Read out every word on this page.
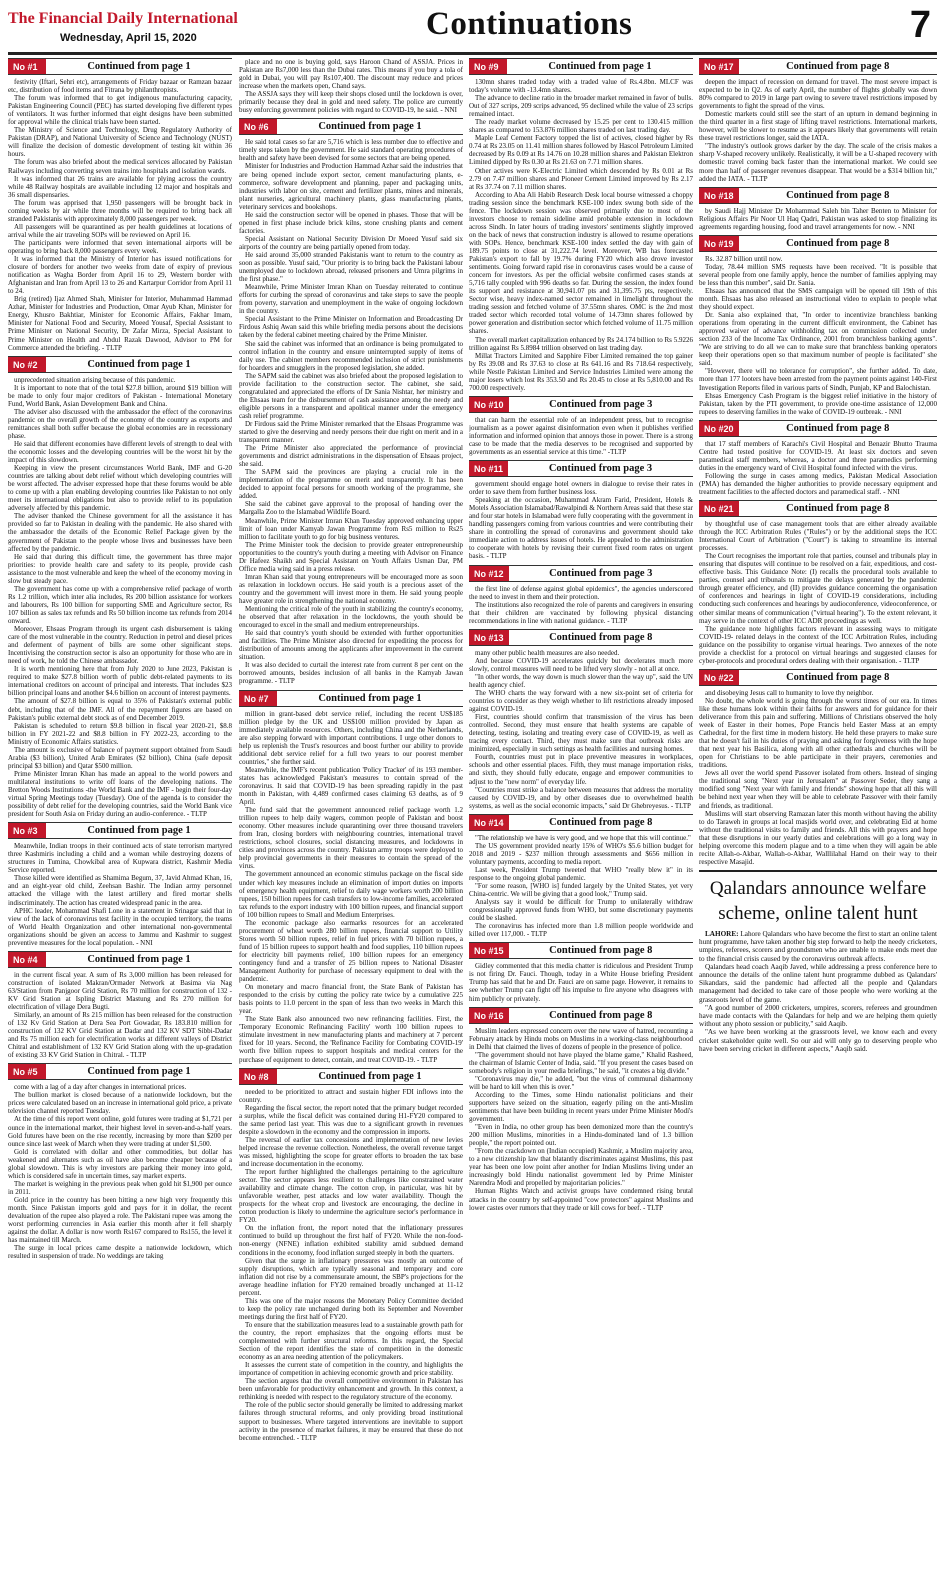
The Financial Daily International
Wednesday, April 15, 2020	Continuations	7
No #1	Continued from page 1

festivity (Iftari, Sehri etc), arrangements of Friday bazaar or Ramzan bazaar etc, distribution of food items and Fitrana by philanthropists.

The forum was informed that to get indigenous manufacturing capacity, Pakistan Engineering Council (PEC) has started developing five different types of ventilators. It was further informed that eight designs have been submitted for approval while the clinical trials have been started.

The Ministry of Science and Technology, Drug Regulatory Authority of Pakistan (DRAP), and National University of Science and Technology (NUST) will finalize the decision of domestic development of testing kit within 36 hours.

The forum was also briefed about the medical services allocated by Pakistan Railways including converting seven trains into hospitals and isolation wards.

It was informed that 26 trains are available for plying across the country while 48 Railway hospitals are available including 12 major and hospitals and 36 small dispensaries.

The forum was apprised that 1,950 passengers will be brought back in coming weeks by air while three months will be required to bring back all stranded Pakistanis with approximately 8,000 passengers per week.

All passengers will be quarantined as per health guidelines at locations of arrival while the air traveling SOPs will be reviewed on April 16.

The participants were informed that seven international airports will be operating to bring back 8,000 passengers every week.

It was informed that the Ministry of Interior has issued notifications for closure of borders for another two weeks from date of expiry of previous notification as Wagha Border from April 16 to 29, Western border with Afghanistan and Iran from April 13 to 26 and Kartarpur Corridor from April 11 to 24.

Brig (retired) Ijaz Ahmed Shah, Minister for Interior, Muhammad Hammad Azhar, Minister for Industries and Production, Omar Ayub Khan, Minister for Energy, Khusro Bakhtiar, Minister for Economic Affairs, Fakhar Imam, Minister for National Food and Security, Moeed Yousaf, Special Assistant to Prime Minister on National Security, Dr Zafar Mirza, Special Assistant to Prime Minister on Health and Abdul Razak Dawood, Advisor to PM for Commerce attended the briefing. - TLTP

No #2	Continued from page 1

unprecedented situation arising because of this pandemic.

It is important to note that of the total $27.8 billion, around $19 billion will be made to only four major creditors of Pakistan - International Monetary Fund, World Bank, Asian Development Bank and China.

The adviser also discussed with the ambassador the effect of the coronavirus pandemic on the overall growth of the economy of the country as exports and remittances shall both suffer because the global economies are in recessionary phase.

He said that different economies have different levels of strength to deal with the economic losses and the developing countries will be the worst hit by the impact of this slowdown.

Keeping in view the present circumstances World Bank, IMF and G-20 countries are talking about debt relief without which developing countries will be worst affected. The adviser expressed hope that these forums would be able to come up with a plan enabling developing countries like Pakistan to not only meet its international obligations but also to provide relief to its population adversely affected by this pandemic.

The adviser thanked the Chinese government for all the assistance it has provided so far to Pakistan in dealing with the pandemic. He also shared with the ambassador the details of the Economic Relief Package given by the government of Pakistan to the people whose lives and businesses have been affected by the pandemic.

He said that during this difficult time, the government has three major priorities: to provide health care and safety to its people, provide cash assistance to the most vulnerable and keep the wheel of the economy moving in slow but steady pace.

The government has come up with a comprehensive relief package of worth Rs 1.2 trillion, which inter alia includes, Rs 200 billion assistance for workers and labourers, Rs 100 billion for supporting SME and Agriculture sector, Rs 107 billion as sales tax refunds and Rs 50 billion income tax refunds from 2014 onward.

Moreover, Ehsaas Program through its urgent cash disbursement is taking care of the most vulnerable in the country. Reduction in petrol and diesel prices and deferment of payment of bills are some other significant steps. Incentivising the construction sector is also an opportunity for those who are in need of work, he told the Chinese ambassador.

It is worth mentioning here that from July 2020 to June 2023, Pakistan is required to make $27.8 billion worth of public debt-related payments to its international creditors on account of principal and interests. That includes $23 billion principal loans and another $4.6 billion on account of interest payments.

The amount of $27.8 billion is equal to 35% of Pakistan's external public debt, including that of the IMF. All of the repayment figures are based on Pakistan's public external debt stock as of end December 2019.

Pakistan is scheduled to return $9.8 billion in fiscal year 2020-21, $8.8 billion in FY 2021-22 and $8.8 billion in FY 2022-23, according to the Ministry of Economic Affairs statistics.

The amount is exclusive of balance of payment support obtained from Saudi Arabia ($3 billion), United Arab Emirates ($2 billion), China (safe deposit principal $3 billion) and Qatar $500 million.

Prime Minister Imran Khan has made an appeal to the world powers and multilateral institutions to write off loans of the developing nations. The Bretton Woods Institutions -the World Bank and the IMF - begin their four-day virtual Spring Meetings today (Tuesday). One of the agenda is to consider the possibility of debt relief for the developing countries, said the World Bank vice president for South Asia on Friday during an audio-conference. - TLTP

No #3	Continued from page 1

Meanwhile, Indian troops in their continued acts of state terrorism martyred three Kashmiris including a child and a woman while destroying dozens of structures in Tumina, Chowkibal area of Kupwara district, Kashmir Media Service reported.

Those killed were identified as Shamima Begum, 37, Javid Ahmad Khan, 16, and an eight-year old child, Zeehsan Bashir. The Indian army personnel attacked the village with the latest artillery and fired mortar shells indiscriminately. The action has created widespread panic in the area.

APHC leader, Mohammad Shafi Lone in a statement in Srinagar said that in view of the lack of coronavirus test facility in the occupied territory, the teams of World Health Organization and other international non-governmental organizations should be given an access to Jammu and Kashmir to suggest preventive measures for the local population. - NNI

No #4	Continued from page 1

in the current fiscal year. A sum of Rs 3,000 million has been released for construction of isolated Makran/Ormader Network at Basima via Nag 63/Station from Panjgoor Grid Station, Rs 70 million for construction of 132 -KV Grid Station at Ispling District Mastung and Rs 270 million for electrification of village Dera Bugti.

Similarly, an amount of Rs 215 million has been released for the construction of 132 Kv Grid Station at Dera Sea Port Gowadar, Rs 183.810 million for construction of 132 KV Grid Station at Dadar and 132 KV SDT Sibbi-Dadar and Rs 75 million each for electrification works at different valleys of District Chitral and establishment of 132 KV Grid Station along with the up-gradation of existing 33 KV Grid Station in Chitral. - TLTP

No #5	Continued from page 1

come with a lag of a day after changes in international prices.

The bullion market is closed because of a nationwide lockdown, but the prices were calculated based on an increase in international gold price, a private television channel reported Tuesday.

At the time of this report went online, gold futures were trading at $1,721 per ounce in the international market, their highest level in seven-and-a-half years. Gold futures have been on the rise recently, increasing by more than $200 per ounce since last week of March when they were trading at under $1,500.

Gold is correlated with dollar and other commodities, but dollar has weakened and alternates such as oil have also become cheaper because of a global slowdown. This is why investors are parking their money into gold, which is considered safe in uncertain times, say market experts.

The market is weighing in the previous peak when gold hit $1,900 per ounce in 2011.

Gold price in the country has been hitting a new high very frequently this month. Since Pakistan imports gold and pays for it in dollar, the recent devaluation of the rupee also played a role. The Pakistani rupee was among the worst performing currencies in Asia earlier this month after it fell sharply against the dollar. A dollar is now worth Rs167 compared to Rs155, the level it has maintained till March.

The surge in local prices came despite a nationwide lockdown, which resulted in suspension of trade. No weddings are taking

place and no one is buying gold, says Haroon Chand of ASSJA. Prices in Pakistan are Rs7,000 less than the Dubai rates. This means if you buy a tola of gold in Dubai, you will pay Rs107,400. The discount may reduce and prices increase when the markets open, Chand says.

The ASSJA says they will keep their shops closed until the lockdown is over, primarily because they deal in gold and need safety. The police are currently busy enforcing government policies with regard to COVID-19, he said. - NNI

No #6	Continued from page 1

He said total cases so far are 5,716 which is less number due to effective and timely steps taken by the government. He said standard operating procedures of health and safety have been devised for some sectors that are being opened.

Minister for Industries and Production Hammad Azhar said the industries that are being opened include export sector, cement manufacturing plants, e-commerce, software development and planning, paper and packaging units, industries with labor on site, cement and fertilizer plants, mines and minerals, plant nurseries, agricultural machinery plants, glass manufacturing plants, veterinary services and bookshops.

He said the construction sector will be opened in phases. Those that will be opened in first phase include brick kilns, stone crushing plants and cement factories.

Special Assistant on National Security Division Dr Moeed Yusuf said six airports of the country are being partially opened from today.

He said around 35,000 stranded Pakistanis want to return to the country as soon as possible. Yusuf said, "Our priority is to bring back the Pakistani labour unemployed due to lockdown abroad, released prisoners and Umra pilgrims in the first phase."

Meanwhile, Prime Minister Imran Khan on Tuesday reiterated to continue efforts for curbing the spread of coronavirus and take steps to save the people from poverty, starvation and unemployment in the wake of ongoing lockdown in the country.

Special Assistant to the Prime Minister on Information and Broadcasting Dr Firdous Ashiq Awan said this while briefing media persons about the decisions taken by the federal cabinet meeting chaired by the Prime Minister.

She said the cabinet was informed that an ordinance is being promulgated to control inflation in the country and ensure uninterrupted supply of items of daily use. The cabinet members recommended inclusion of strict punishments for hoarders and smugglers in the proposed legislation, she added.

The SAPM said the cabinet was also briefed about the proposed legislation to provide facilitation to the construction sector. The cabinet, she said, congratulated and appreciated the efforts of Dr Sania Nishtar, her ministry and the Ehsaas team for the disbursement of cash assistance among the needy and eligible persons in a transparent and apolitical manner under the emergency cash relief programme.

Dr Firdous said the Prime Minister remarked that the Ehsaas Programme was started to give the deserving and needy persons their due right on merit and in a transparent manner.

The Prime Minister also appreciated the performance of provincial governments and district administrations in the dispensation of Ehsaas project, she said.

The SAPM said the provinces are playing a crucial role in the implementation of the programme on merit and transparently. It has been decided to appoint focal persons for smooth working of the programme, she added.

She said the cabinet gave approval to the proposal of handing over the Margalla Zoo to the Islamabad Wildlife Board.

Meanwhile, Prime Minister Imran Khan Tuesday approved enhancing upper limit of loan under Kamyab Jawan Programme from Rs5 million to Rs25 million to facilitate youth to go for big business ventures.

The Prime Minister took the decision to provide greater entrepreneurship opportunities to the country's youth during a meeting with Advisor on Finance Dr Hafeez Shaikh and Special Assistant on Youth Affairs Usman Dar, PM Office media wing said in a press release.

Imran Khan said that young entrepreneurs will be encouraged more as soon as relaxation in lockdown occurs. He said youth is a precious asset of the country and the government will invest more in them. He said young people have greater role in strengthening the national economy.

Mentioning the critical role of the youth in stabilizing the country's economy, he observed that after relaxation in the lockdowns, the youth should be encouraged to excel in the small and medium entrepreneurships.

He said that country's youth should be extended with further opportunities and facilities. The Prime Minister also directed for expediting the process for distribution of amounts among the applicants after improvement in the current situation.

It was also decided to curtail the interest rate from current 8 per cent on the borrowed amounts, besides inclusion of all banks in the Kamyab Jawan programme. - TLTP

No #7	Continued from page 1

million in grant-based debt service relief, including the recent US$185 million pledge by the UK and US$100 million provided by Japan as immediately available resources. Others, including China and the Netherlands, are also stepping forward with important contributions. I urge other donors to help us replenish the Trust's resources and boost further our ability to provide additional debt service relief for a full two years to our poorest member countries," she further said.

Meanwhile, the IMF's recent publication 'Policy Tracker' of its 193 member-states has acknowledged Pakistan's measures to contain spread of the coronavirus. It said that COVID-19 has been spreading rapidly in the past month in Pakistan, with 4,489 confirmed cases claiming 63 deaths, as of 9 April.

The fund said that the government announced relief package worth 1.2 trillion rupees to help daily wagers, common people of Pakistan and boost economy. Other measures include quarantining over three thousand travelers from Iran, closing borders with neighbouring countries, international travel restrictions, school closures, social distancing measures, and lockdowns in cities and provinces across the country. Pakistan army troops were deployed to help provincial governments in their measures to contain the spread of the virus.

The government announced an economic stimulus package on the fiscal side under which key measures include an elimination of import duties on imports of emergency health equipment, relief to daily wage workers worth 200 billion rupees, 150 billion rupees for cash transfers to low-income families, accelerated tax refunds to the export industry with 100 billion rupees, and financial support of 100 billion rupees to Small and Medium Enterprises.

The economic package also earmarks resources for an accelerated procurement of wheat worth 280 billion rupees, financial support to Utility Stores worth 50 billion rupees, relief in fuel prices with 70 billion rupees, a fund of 15 billion rupees to support health and food supplies, 110 billion rupees for electricity bill payments relief, 100 billion rupees for an emergency contingency fund and a transfer of 25 billion rupees to National Disaster Management Authority for purchase of necessary equipment to deal with the pandemic.

On monetary and macro financial front, the State Bank of Pakistan has responded to the crisis by cutting the policy rate twice by a cumulative 225 basis points to 11.0 percent in the span of less than two weeks in March this year.

The State Bank also announced two new refinancing facilities. First, the 'Temporary Economic Refinancing Facility' worth 100 billion rupees to stimulate investment in new manufacturing plants and machinery at 7 percent fixed for 10 years. Second, the 'Refinance Facility for Combating COVID-19' worth five billion rupees to support hospitals and medical centers for the purchase of equipment to detect, contain, and treat COVID-19. - TLTP

No #8	Continued from page 1

needed to be prioritized to attract and sustain higher FDI inflows into the country.

Regarding the fiscal sector, the report noted that the primary budget recorded a surplus, while the fiscal deficit was contained during H1-FY20 compared to the same period last year. This was due to a significant growth in revenues despite a slowdown in the economy and the compression in imports.

The reversal of earlier tax concessions and implementation of new levies helped increase the revenue collection. Nonetheless, the overall revenue target was missed, highlighting the scope for greater efforts to broaden the tax base and increase documentation in the economy.

The report further highlighted the challenges pertaining to the agriculture sector. The sector appears less resilient to challenges like constrained water availability and climate change. The cotton crop, in particular, was hit by unfavorable weather, pest attacks and low water availability. Though the prospects for the wheat crop and livestock are encouraging, the decline in cotton production is likely to undermine the agriculture sector's performance in FY20.

On the inflation front, the report noted that the inflationary pressures continued to build up throughout the first half of FY20. While the non-food-non-energy (NFNE) inflation exhibited stability amid subdued demand conditions in the economy, food inflation surged steeply in both the quarters.

Given that the surge in inflationary pressures was mostly an outcome of supply disruptions, which are typically seasonal and temporary and core inflation did not rise by a commensurate amount, the SBP's projections for the average headline inflation for FY20 remained broadly unchanged at 11-12 percent.

This was one of the major reasons the Monetary Policy Committee decided to keep the policy rate unchanged during both its September and November meetings during the first half of FY20.

To ensure that the stabilization measures lead to a sustainable growth path for the country, the report emphasizes that the ongoing efforts must be complemented with further structural reforms. In this regard, the Special Section of the report identifies the state of competition in the domestic economy as an area needing attention of the policymakers.

It assesses the current state of competition in the country, and highlights the importance of competition in achieving economic growth and price stability.

The section argues that the overall competitive environment in Pakistan has been unfavorable for productivity enhancement and growth. In this context, a rethinking is needed with respect to the regulatory structure of the economy.

The role of the public sector should generally be limited to addressing market failures through structural reforms, and only providing broad institutional support to businesses. Where targeted interventions are inevitable to support activity in the presence of market failures, it may be ensured that these do not become entrenched. - TLTP

No #9	Continued from page 1

130mn shares traded today with a traded value of Rs.4.8bn. MLCF was today's volume with -13.4mn shares.

The advance to decline ratio in the broader market remained in favor of bulls. Out of 327 scrips, 209 scrips advanced, 95 declined while the value of 23 scrips remained intact.

The ready market volume decreased by 15.25 per cent to 130.415 million shares as compared to 153.876 million shares traded on last trading day.

Maple Leaf Cement Factory topped the list of actives, closed higher by Rs 0.74 at Rs 23.05 on 11.41 million shares followed by Hascol Petroleum Limited decreased by Rs 0.09 at Rs 14.76 on 10.28 million shares and Pakistan Elektron Limited dipped by Rs 0.30 at Rs 21.63 on 7.71 million shares.

Other actives were K-Electric Limited which descended by Rs 0.01 at Rs 2.79 on 7.47 million shares and Pioneer Cement Limited improved by Rs 2.17 at Rs 37.74 on 7.11 million shares.

According to Aba Ali Habib Research Desk local bourse witnessed a choppy trading session since the benchmark KSE-100 index swung both side of the fence. The lockdown session was observed primarily due to most of the investors choose to remain sideline amid probable extension in lockdown across Sindh. In later hours of trading investors' sentiments slightly improved on the back of news that construction industry is allowed to resume operations with SOPs. Hence, benchmark KSE-100 index settled the day with gain of 189.75 points to close at 31,222.74 level. Moreover, WB has forecasted Pakistan's export to fall by 19.7% during FY20 which also drove investor sentiments. Going forward rapid rise in coronavirus cases would be a cause of concern for investors. As per the official website confirmed cases stands at 5,716 tally coupled with 996 deaths so far. During the session, the index found its support and resistance at 30,941.07 pts and 31,395.75 pts, respectively. Sector wise, heavy index-named sector remained in limelight throughout the trading session and fetched volume of 37.55mn shares. OMC is the 2nd most traded sector which recorded total volume of 14.73mn shares followed by power generation and distribution sector which fetched volume of 11.75 million shares.

The overall market capitalization enhanced by Rs 24.174 billion to Rs 5.9226 trillion against Rs 5.8984 trillion observed on last trading day.

Millat Tractors Limited and Sapphire Fiber Limited remained the top gainer by Rs 39.08 and Rs 37.63 to close at Rs 641.16 and Rs 718.64 respectively, while Nestle Pakistan Limited and Service Industries Limited were among the major losers which lost Rs 353.50 and Rs 20.45 to close at Rs 5,810.00 and Rs 700.00 respectively.

No #10	Continued from page 3

that can harm the essential role of an independent press, but to recognise journalism as a power against disinformation even when it publishes verified information and informed opinion that annoys those in power. There is a strong case to be made that the media deserves to be recognised and supported by governments as an essential service at this time." -TLTP

No #11	Continued from page 3

government should engage hotel owners in dialogue to revise their rates in order to save them from further business loss.

Speaking at the occasion, Muhammad Akram Farid, President, Hotels & Motels Association Islamabad/Rawalpindi & Northern Areas said that these star and four star hotels in Islamabad were fully cooperating with the government in handling passengers coming from various countries and were contributing their share in controlling the spread of coronavirus and government should take immediate action to address issues of hotels. He appealed to the administration to cooperate with hotels by revising their current fixed room rates on urgent basis. - TLTP

No #12	Continued from page 3

the first line of defense against global epidemics", the agencies underscored the need to invest in them and their protection.

The institutions also recognized the role of parents and caregivers in ensuring that their children are vaccinated by following physical distancing recommendations in line with national guidance. - TLTP

No #13	Continued from page 8

many other public health measures are also needed.

And because COVID-19 accelerates quickly but decelerates much more slowly, control measures will need to be lifted very slowly - not all at once.

"In other words, the way down is much slower than the way up", said the UN health agency chief.

The WHO charts the way forward with a new six-point set of criteria for countries to consider as they weigh whether to lift restrictions already imposed against COVID-19.

First, countries should confirm that transmission of the virus has been controlled. Second, they must ensure that health systems are capable of detecting, testing, isolating and treating every case of COVID-19, as well as tracing every contact. Third, they must make sure that outbreak risks are minimized, especially in such settings as health facilities and nursing homes.

Fourth, countries must put in place preventive measures in workplaces, schools and other essential places. Fifth, they must manage importation risks, and sixth, they should fully educate, engage and empower communities to adjust to the "new norm" of everyday life.

"Countries must strike a balance between measures that address the mortality caused by COVID-19, and by other diseases due to overwhelmed health systems, as well as the social economic impacts," said Dr Ghebreyesus. - TLTP

No #14	Continued from page 8

"The relationship we have is very good, and we hope that this will continue."

The US government provided nearly 15% of WHO's $5.6 billion budget for 2018 and 2019 - $237 million through assessments and $656 million in voluntary payments, according to media report.

Last week, President Trump tweeted that WHO "really blew it" in its response to the ongoing global pandemic.

"For some reason, [WHO is] funded largely by the United States, yet very China-centric. We will be giving that a good look," Trump said.

Analysts say it would be difficult for Trump to unilaterally withdraw congressionally approved funds from WHO, but some discretionary payments could be slashed.

The coronavirus has infected more than 1.8 million people worldwide and killed over 117,000. - TLTP

No #15	Continued from page 8

Gidley commented that this media chatter is ridiculous and President Trump is not firing Dr. Fauci. Though, today in a White House briefing President Trump has said that he and Dr. Fauci are on same page. However, it remains to see whether Trump can fight off his impulse to fire anyone who disagrees with him publicly or privately.

No #16	Continued from page 8

Muslim leaders expressed concern over the new wave of hatred, recounting a February attack by Hindu mobs on Muslims in a working-class neighbourhood in Delhi that claimed the lives of dozens of people in the presence of police.

"The government should not have played the blame game," Khalid Rasheed, the chairman of Islamic Center of India, said. "If you present the cases based on somebody's religion in your media briefings," he said, "it creates a big divide."

"Coronavirus may die," he added, "but the virus of communal disharmony will be hard to kill when this is over."

According to the Times, some Hindu nationalist politicians and their supporters have seized on the situation, eagerly piling on the anti-Muslim sentiments that have been building in recent years under Prime Minister Modi's government.

"Even in India, no other group has been demonized more than the country's 200 million Muslims, minorities in a Hindu-dominated land of 1.3 billion people," the report pointed out.

"From the crackdown on (Indian occupied) Kashmir, a Muslim majority area, to a new citizenship law that blatantly discriminates against Muslims, this past year has been one low point after another for Indian Muslims living under an increasingly bold Hindu nationalist government led by Prime Minister Narendra Modi and propelled by majoritarian policies."

Human Rights Watch and activist groups have condemned rising brutal attacks in the country by self-appointed "cow protectors" against Muslims and lower castes over rumors that they trade or kill cows for beef. - TLTP

No #17	Continued from page 8

deepen the impact of recession on demand for travel. The most severe impact is expected to be in Q2. As of early April, the number of flights globally was down 80% compared to 2019 in large part owing to severe travel restrictions imposed by governments to fight the spread of the virus.

Domestic markets could still see the start of an upturn in demand beginning in the third quarter in a first stage of lifting travel restrictions. International markets, however, will be slower to resume as it appears likely that governments will retain these travel restrictions longer, said the IATA.

"The industry's outlook grows darker by the day. The scale of the crisis makes a sharp V-shaped recovery unlikely. Realistically, it will be a U-shaped recovery with domestic travel coming back faster than the international market. We could see more than half of passenger revenues disappear. That would be a $314 billion hit," added the IATA. - TLTP

No #18	Continued from page 8

by Saudi Hajj Minister Dr Mohammad Saleh bin Taher Benten to Minister for Religious Affairs Pir Noor Ul Haq Qadri, Pakistan was asked to stop finalizing its agreements regarding housing, food and travel arrangements for now. - NNI

No #19	Continued from page 8

Rs. 32.87 billion until now.

Today, 78.44 million SMS requests have been received. "It is possible that several people from one family apply, hence the number of families applying may be less than this number", said Dr. Sania.

Ehsaas has announced that the SMS campaign will be opened till 19th of this month. Ehsaas has also released an instructional video to explain to people what they should expect.

Dr. Sania also explained that, "In order to incentivize branchless banking operations from operating in the current difficult environment, the Cabinet has approved waiver of advance withholding tax on commission collected under section 233 of the Income Tax Ordinance, 2001 from branchless banking agents". "We are striving to do all we can to make sure that branchless banking operators keep their operations open so that maximum number of people is facilitated" she said.

"However, there will no tolerance for corruption", she further added. To date, more than 177 looters have been arrested from the payment points against 140-First Investigation Reports filed in various parts of Sindh, Punjab, KP and Balochistan.

Ehsas Emergency Cash Program is the biggest relief initiative in the history of Pakistan, taken by the PTI government, to provide one-time assistance of 12,000 rupees to deserving families in the wake of COVID-19 outbreak. - NNI

No #20	Continued from page 8

that 17 staff members of Karachi's Civil Hospital and Benazir Bhutto Trauma Centre had tested positive for COVID-19. At least six doctors and seven paramedical staff members, whereas, a doctor and three paramedics performing duties in the emergency ward of Civil Hospital found infected with the virus.

Following the surge in cases among medics, Pakistan Medical Association (PMA) has demanded the higher authorities to provide necessary equipment and treatment facilities to the affected doctors and paramedical staff. - NNI

No #21	Continued from page 8

by thoughtful use of case management tools that are either already available through the ICC Arbitration Rules ("Rules") or by the additional steps the ICC International Court of Arbitration ("Court") is taking to streamline its internal processes.

The Court recognises the important role that parties, counsel and tribunals play in ensuring that disputes will continue to be resolved on a fair, expeditious, and cost-effective basis. This Guidance Note: (I) recalls the procedural tools available to parties, counsel and tribunals to mitigate the delays generated by the pandemic through greater efficiency, and (II) provides guidance concerning the organisation of conferences and hearings in light of COVID-19 considerations, including conducting such conferences and hearings by audioconference, videoconference, or other similar means of communication ("virtual hearing"). To the extent relevant, it may serve in the context of other ICC ADR proceedings as well.

The guidance note highlights factors relevant in assessing ways to mitigate COVID-19- related delays in the context of the ICC Arbitration Rules, including guidance on the possibility to organise virtual hearings. Two annexes of the note provide a checklist for a protocol on virtual hearings and suggested clauses for cyber-protocols and procedural orders dealing with their organisation. - TLTP

No #22	Continued from page 8

and disobeying Jesus call to humanity to love thy neighbor.

No doubt, the whole world is going through the worst times of our era. In times like these humans look within their faiths for answers and for guidance for their deliverance from this pain and suffering. Millions of Christians observed the holy week of Easter in their homes, Pope Francis held Easter Mass at an empty Cathedral, for the first time in modern history. He held these prayers to make sure that he doesn't fail in his duties of praying and asking for forgiveness with the hope that next year his Basilica, along with all other cathedrals and churches will be open for Christians to be able participate in their prayers, ceremonies and traditions.

Jews all over the world spend Passover isolated from others. Instead of singing the traditional song "Next year in Jerusalem" at Passover Seder, they sang a modified song "Next year with family and friends" showing hope that all this will be behind next year when they will be able to celebrate Passover with their family and friends, as traditional.

Muslims will start observing Ramazan later this month without having the ability to do Taraweh in groups at local masjids world over, and celebrating Eid at home without the traditional visits to family and friends. All this with prayers and hope that these disruptions in our yearly duties and celebrations will go a long way in helping overcome this modern plague and to a time when they will again be able recite Allah-o-Akbar, Wallah-o-Akbar, Walllilahal Hamd on their way to their respective Masajid.

Qalandars announce welfare scheme, online talent hunt

LAHORE: Lahore Qalandars who have become the first to start an online talent hunt programme, have taken another big step forward to help the needy cricketers, umpires, referees, scorers and groundsmen who are unable to make ends meet due to the financial crisis caused by the coronavirus outbreak affects.

Qalandars head coach Aaqib Javed, while addressing a press conference here to announce the details of the online talent hunt programme dubbed as Qalandars' Sikandars, said the pandemic had affected all the people and Qalandars management had decided to take care of those people who were working at the grassroots level of the game.

"A good number of 2000 cricketers, umpires, scorers, referees and groundmen have made contacts with the Qalandars for help and we are helping them quietly without any photo session or publicity," said Aaqib.

"As we have been working at the grassroots level, we know each and every cricket stakeholder quite well. So our aid will only go to deserving people who have been serving cricket in different aspects," Aaqib said.
